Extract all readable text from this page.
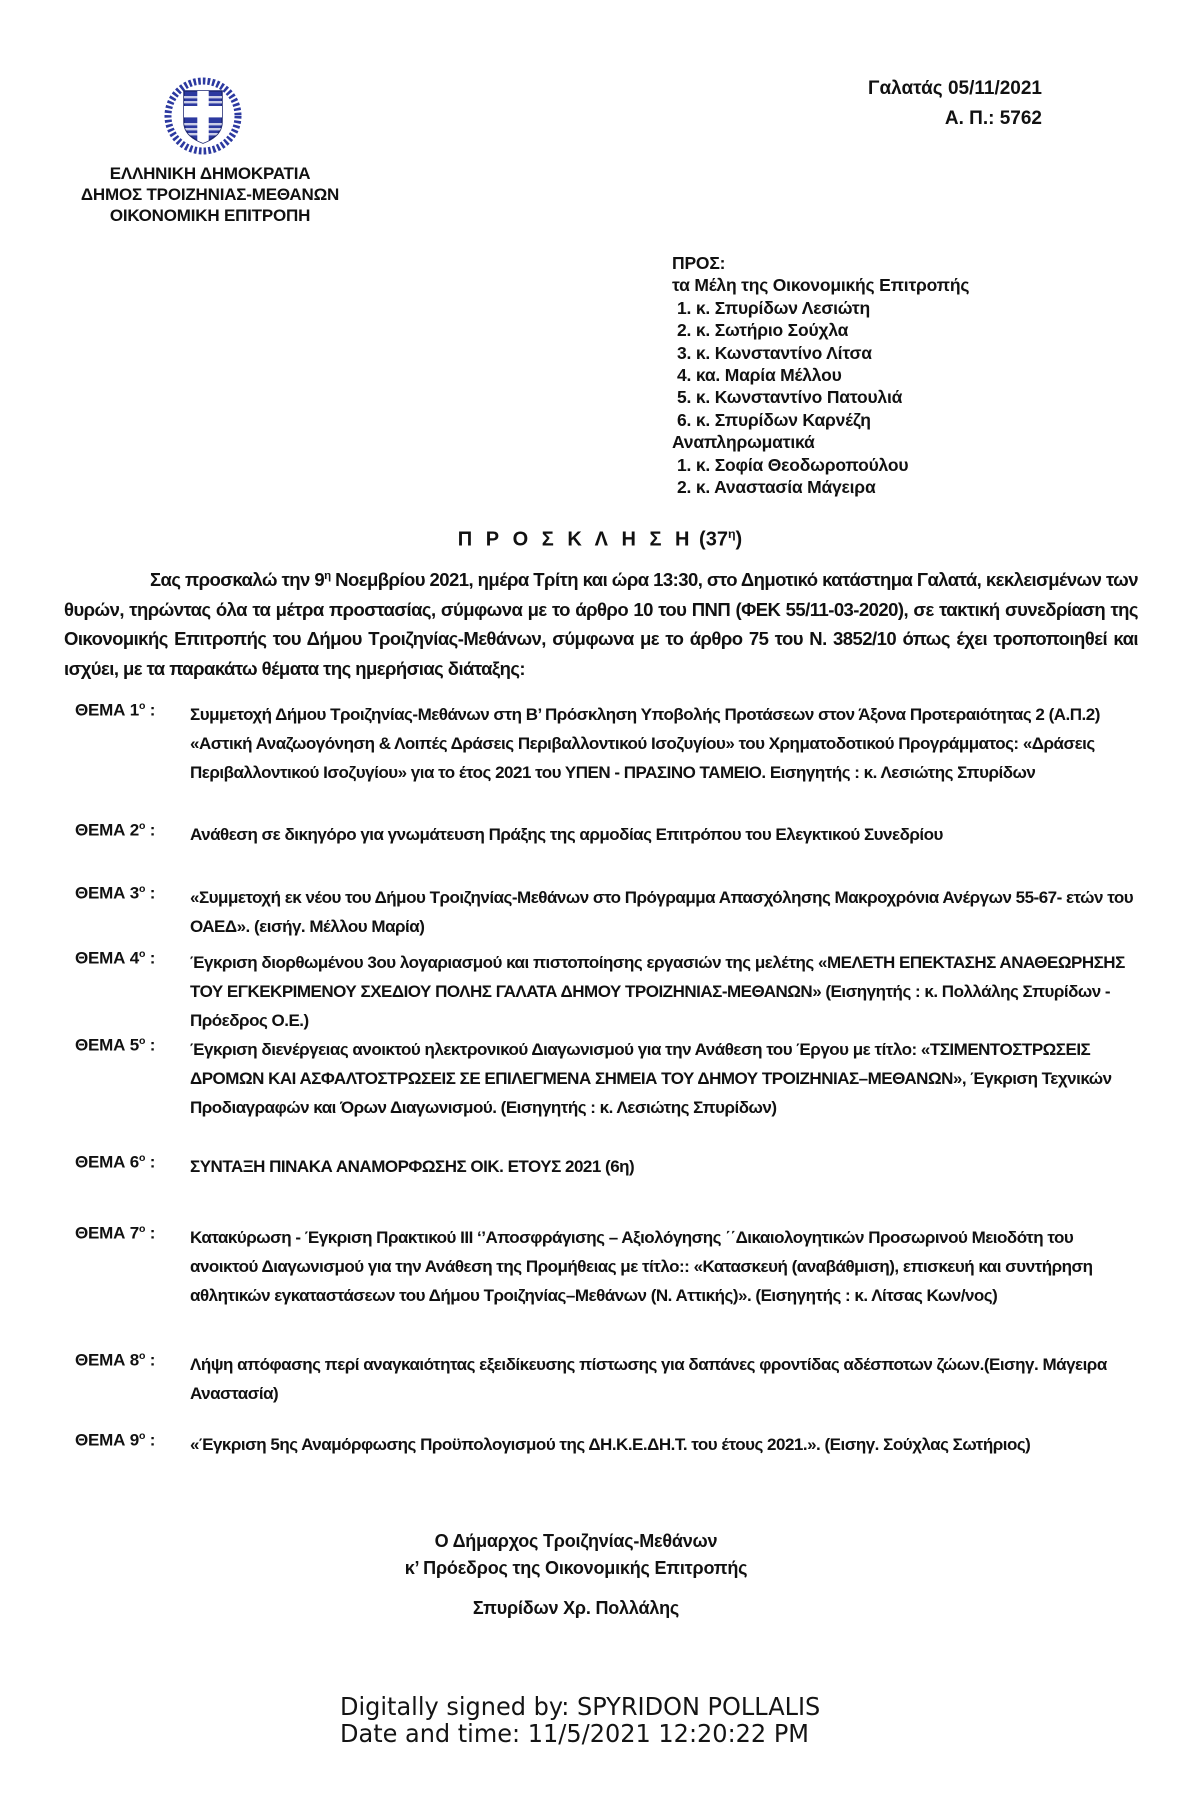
ΕΛΛΗΝΙΚΗ ΔΗΜΟΚΡΑΤΙΑ
ΔΗΜΟΣ ΤΡΟΙΖΗΝΙΑΣ-ΜΕΘΑΝΩΝ
ΟΙΚΟΝΟΜΙΚΗ ΕΠΙΤΡΟΠΗ
Γαλατάς 05/11/2021
Α. Π.: 5762
ΠΡΟΣ:
τα Μέλη της Οικονομικής Επιτροπής
1. κ. Σπυρίδων Λεσιώτη
2. κ. Σωτήριο Σούχλα
3. κ. Κωνσταντίνο Λίτσα
4. κα. Μαρία Μέλλου
5. κ. Κωνσταντίνο Πατουλιά
6. κ. Σπυρίδων Καρνέζη
Αναπληρωματικά
1. κ. Σοφία Θεοδωροπούλου
2. κ. Αναστασία Μάγειρα
Π Ρ Ο Σ Κ Λ Η Σ Η $(37^\eta)$
Σας προσκαλώ την $9^\eta$ Νοεμβρίου 2021, ημέρα Τρίτη και ώρα 13:30, στο Δημοτικό κατάστημα Γαλατά, κεκλεισμένων των θυρών, τηρώντας όλα τα μέτρα προστασίας, σύμφωνα με το άρθρο 10 του ΠΝΠ (ΦΕΚ 55/11-03-2020), σε τακτική συνεδρίαση της Οικονομικής Επιτροπής του Δήμου Τροιζηνίας-Μεθάνων, σύμφωνα με το άρθρο 75 του Ν. 3852/10 όπως έχει τροποποιηθεί και ισχύει, με τα παρακάτω θέματα της ημερήσιας διάταξης:
ΘΕΜΑ $1^o$ :	Συμμετοχή Δήμου Τροιζηνίας-Μεθάνων στη Β’ Πρόσκληση Υποβολής Προτάσεων στον Άξονα Προτεραιότητας 2 (Α.Π.2) «Αστική Αναζωογόνηση & Λοιπές Δράσεις Περιβαλλοντικού Ισοζυγίου» του Χρηματοδοτικού Προγράμματος: «Δράσεις Περιβαλλοντικού Ισοζυγίου» για το έτος 2021 του ΥΠΕΝ - ΠΡΑΣΙΝΟ ΤΑΜΕΙΟ. Εισηγητής : κ. Λεσιώτης Σπυρίδων
ΘΕΜΑ $2^o$ :	Ανάθεση σε δικηγόρο για γνωμάτευση Πράξης της αρμοδίας Επιτρόπου του Ελεγκτικού Συνεδρίου
ΘΕΜΑ $3^o$ :	«Συμμετοχή εκ νέου του Δήμου Τροιζηνίας-Μεθάνων στο Πρόγραμμα Απασχόλησης Μακροχρόνια Ανέργων 55-67- ετών του ΟΑΕΔ». (εισήγ. Μέλλου Μαρία)
ΘΕΜΑ $4^o$ :	Έγκριση διορθωμένου 3ου λογαριασμού και πιστοποίησης εργασιών της μελέτης «ΜΕΛΕΤΗ ΕΠΕΚΤΑΣΗΣ ΑΝΑΘΕΩΡΗΣΗΣ ΤΟΥ ΕΓΚΕΚΡΙΜΕΝΟΥ ΣΧΕΔΙΟΥ ΠΟΛΗΣ ΓΑΛΑΤΑ ΔΗΜΟΥ ΤΡΟΙΖΗΝΙΑΣ-ΜΕΘΑΝΩΝ» (Εισηγητής : κ. Πολλάλης Σπυρίδων - Πρόεδρος Ο.Ε.)
ΘΕΜΑ $5^o$ :	Έγκριση διενέργειας ανοικτού ηλεκτρονικού Διαγωνισμού για την Ανάθεση του Έργου με τίτλο: «ΤΣΙΜΕΝΤΟΣΤΡΩΣΕΙΣ ΔΡΟΜΩΝ ΚΑΙ ΑΣΦΑΛΤΟΣΤΡΩΣΕΙΣ ΣΕ ΕΠΙΛΕΓΜΕΝΑ ΣΗΜΕΙΑ ΤΟΥ ΔΗΜΟΥ ΤΡΟΙΖΗΝΙΑΣ–ΜΕΘΑΝΩΝ», Έγκριση Τεχνικών Προδιαγραφών και Όρων Διαγωνισμού. (Εισηγητής : κ. Λεσιώτης Σπυρίδων)
ΘΕΜΑ $6^o$ :	ΣΥΝΤΑΞΗ ΠΙΝΑΚΑ ΑΝΑΜΟΡΦΩΣΗΣ ΟΙΚ. ΕΤΟΥΣ 2021 (6η)
ΘΕΜΑ $7^o$ :	Κατακύρωση - Έγκριση Πρακτικού ΙΙΙ ‘’Αποσφράγισης – Αξιολόγησης ΄΄Δικαιολογητικών Προσωρινού Μειοδότη του ανοικτού Διαγωνισμού για την Ανάθεση της Προμήθειας με τίτλο:: «Κατασκευή (αναβάθμιση), επισκευή και συντήρηση αθλητικών εγκαταστάσεων του Δήμου Τροιζηνίας–Μεθάνων (Ν. Αττικής)». (Εισηγητής : κ. Λίτσας Κων/νος)
ΘΕΜΑ $8^o$ :	Λήψη απόφασης περί αναγκαιότητας εξειδίκευσης πίστωσης για δαπάνες φροντίδας αδέσποτων ζώων.(Εισηγ. Μάγειρα Αναστασία)
ΘΕΜΑ $9^o$ :	«Έγκριση 5ης Αναμόρφωσης Προϋπολογισμού της ΔΗ.Κ.Ε.ΔΗ.Τ. του έτους 2021.». (Εισηγ. Σούχλας Σωτήριος)
Ο Δήμαρχος Τροιζηνίας-Μεθάνων
κ’ Πρόεδρος της Οικονομικής Επιτροπής
Σπυρίδων Χρ. Πολλάλης
Digitally signed by: SPYRIDON POLLALIS
Date and time: 11/5/2021 12:20:22 PM
